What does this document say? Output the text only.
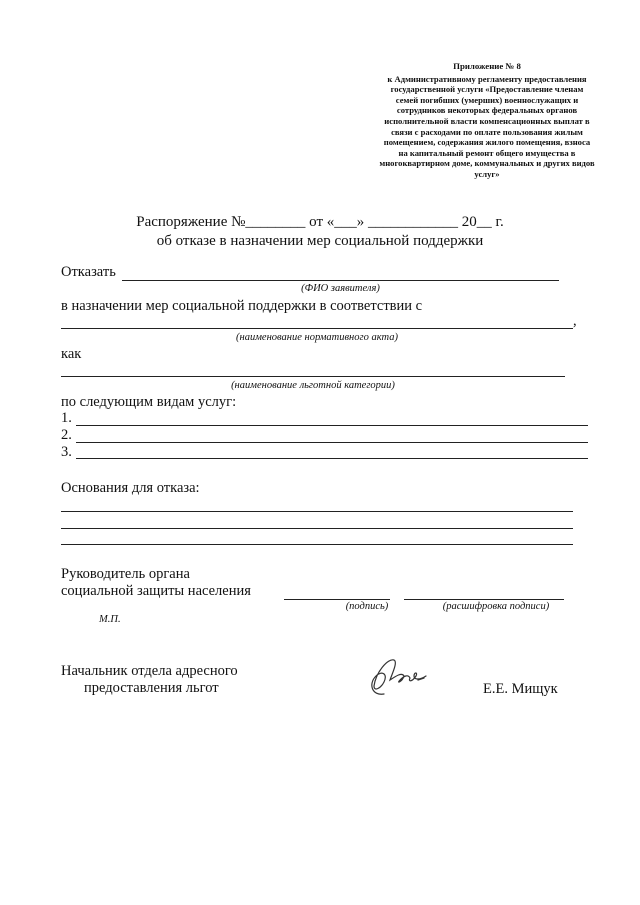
Приложение № 8
к Административному регламенту предоставления
государственной услуги «Предоставление членам
семей погибших (умерших) военнослужащих и
сотрудников некоторых федеральных органов
исполнительной власти компенсационных выплат в
связи с расходами по оплате пользования жилым
помещением, содержания жилого помещения, взноса
на капитальный ремонт общего имущества в
многоквартирном доме, коммунальных и других видов
услуг»
Распоряжение №________ от «___» ____________ 20__ г.
об отказе в назначении мер социальной поддержки
Отказать
(ФИО заявителя)
в назначении мер социальной поддержки в соответствии с
,
(наименование нормативного акта)
как
(наименование льготной категории)
по следующим видам услуг:
1.
2.
3.
Основания для отказа:
Руководитель органа
социальной защиты населения
(подпись)	(расшифровка подписи)
М.П.
Начальник отдела адресного
предоставления льгот	Е.Е. Мищук
